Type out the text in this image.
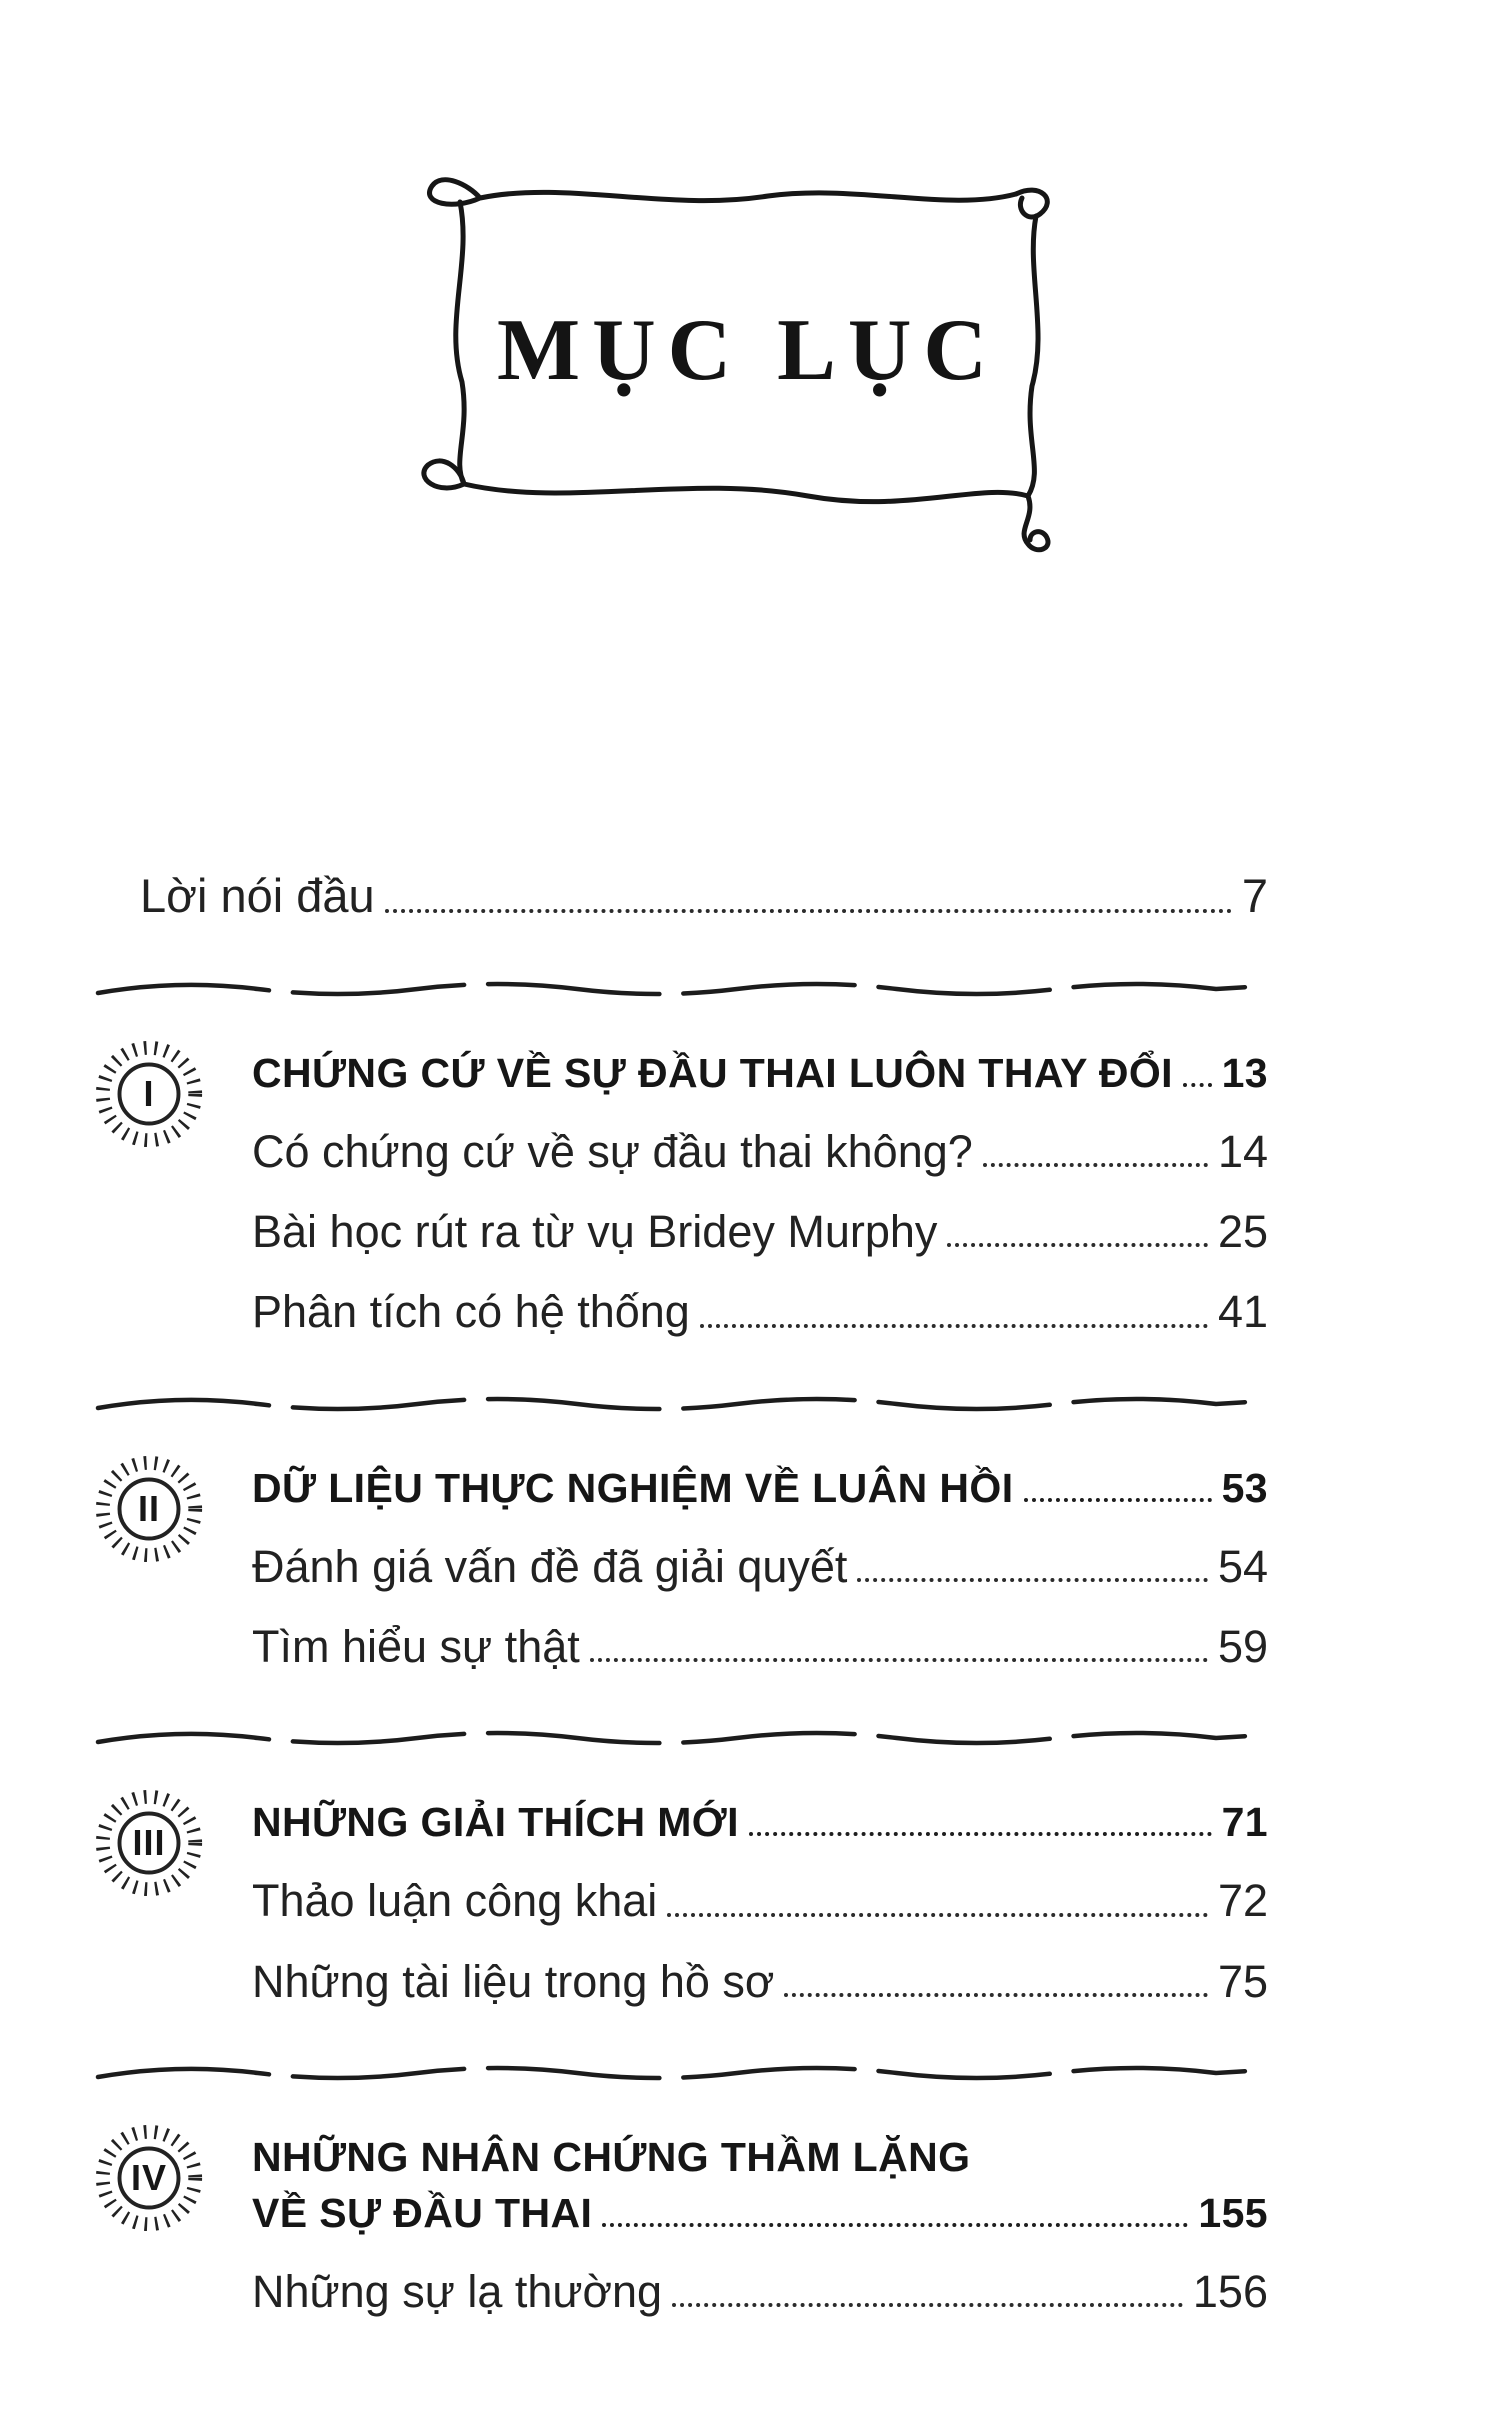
MỤC LỤC
Lời nói đầu	7
I	CHỨNG CỨ VỀ SỰ ĐẦU THAI LUÔN THAY ĐỔI 13
Có chứng cứ về sự đầu thai không?	14
Bài học rút ra từ vụ Bridey Murphy	25
Phân tích có hệ thống	41
II	DỮ LIỆU THỰC NGHIỆM VỀ LUÂN HỒI	53
Đánh giá vấn đề đã giải quyết	54
Tìm hiểu sự thật	59
III	NHỮNG GIẢI THÍCH MỚI	71
Thảo luận công khai	72
Những tài liệu trong hồ sơ	75
IV	NHỮNG NHÂN CHỨNG THẦM LẶNG
VỀ SỰ ĐẦU THAI	155
Những sự lạ thường	156
